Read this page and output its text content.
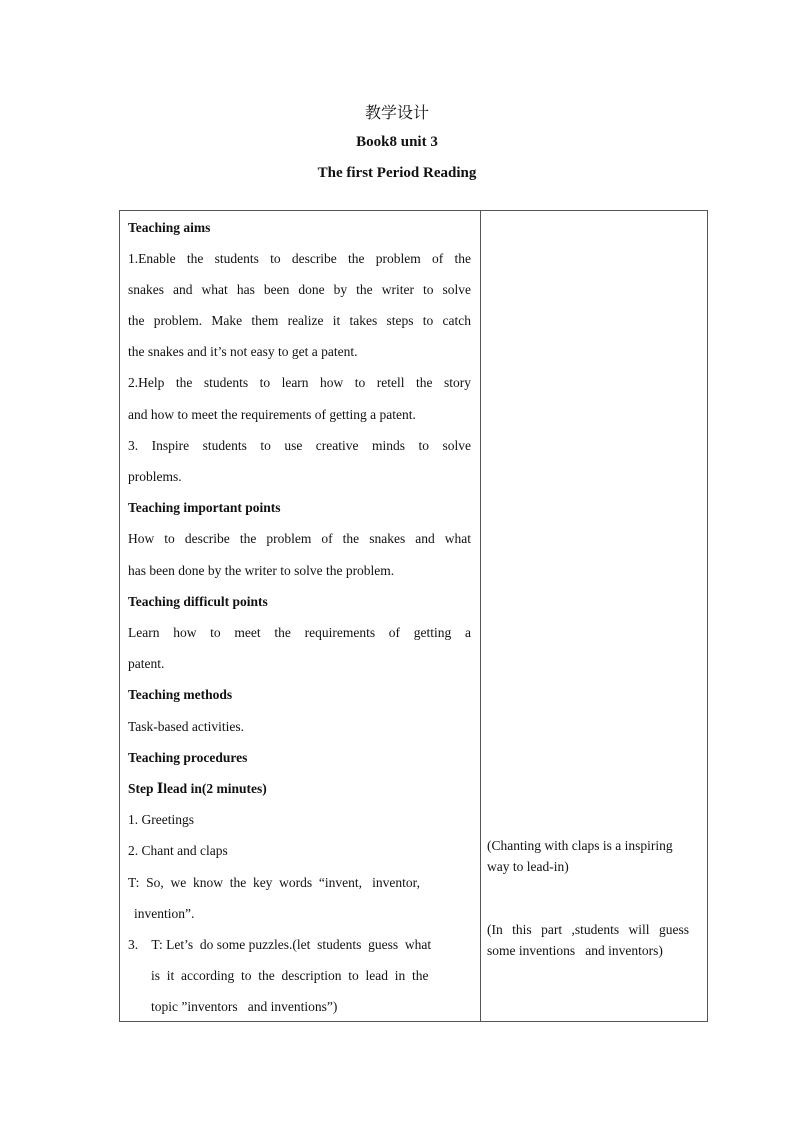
教学设计
Book8 unit 3
The first Period Reading
Teaching aims
1.Enable the students to describe the problem of the
snakes and what has been done by the writer to solve
the problem. Make them realize it takes steps to catch
the snakes and it’s not easy to get a patent.
2.Help the students to learn how to retell the story
and how to meet the requirements of getting a patent.
3. Inspire students to use creative minds to solve
problems.
Teaching important points
How to describe the problem of the snakes and what
has been done by the writer to solve the problem.
Teaching difficult points
Learn how to meet the requirements of getting a
patent.
Teaching methods
Task-based activities.
Teaching procedures
Step Ⅰlead in(2 minutes)
1. Greetings
2. Chant and claps
T:  So,  we  know  the  key  words  “invent,   inventor,
invention”.
3.    T: Let’s  do some puzzles.(let  students  guess  what
is  it  according  to  the  description  to  lead  in  the
topic ”inventors   and inventions”)
(Chanting with claps is a inspiring
way to lead-in)
(In this part ,students will guess
some inventions   and inventors)
